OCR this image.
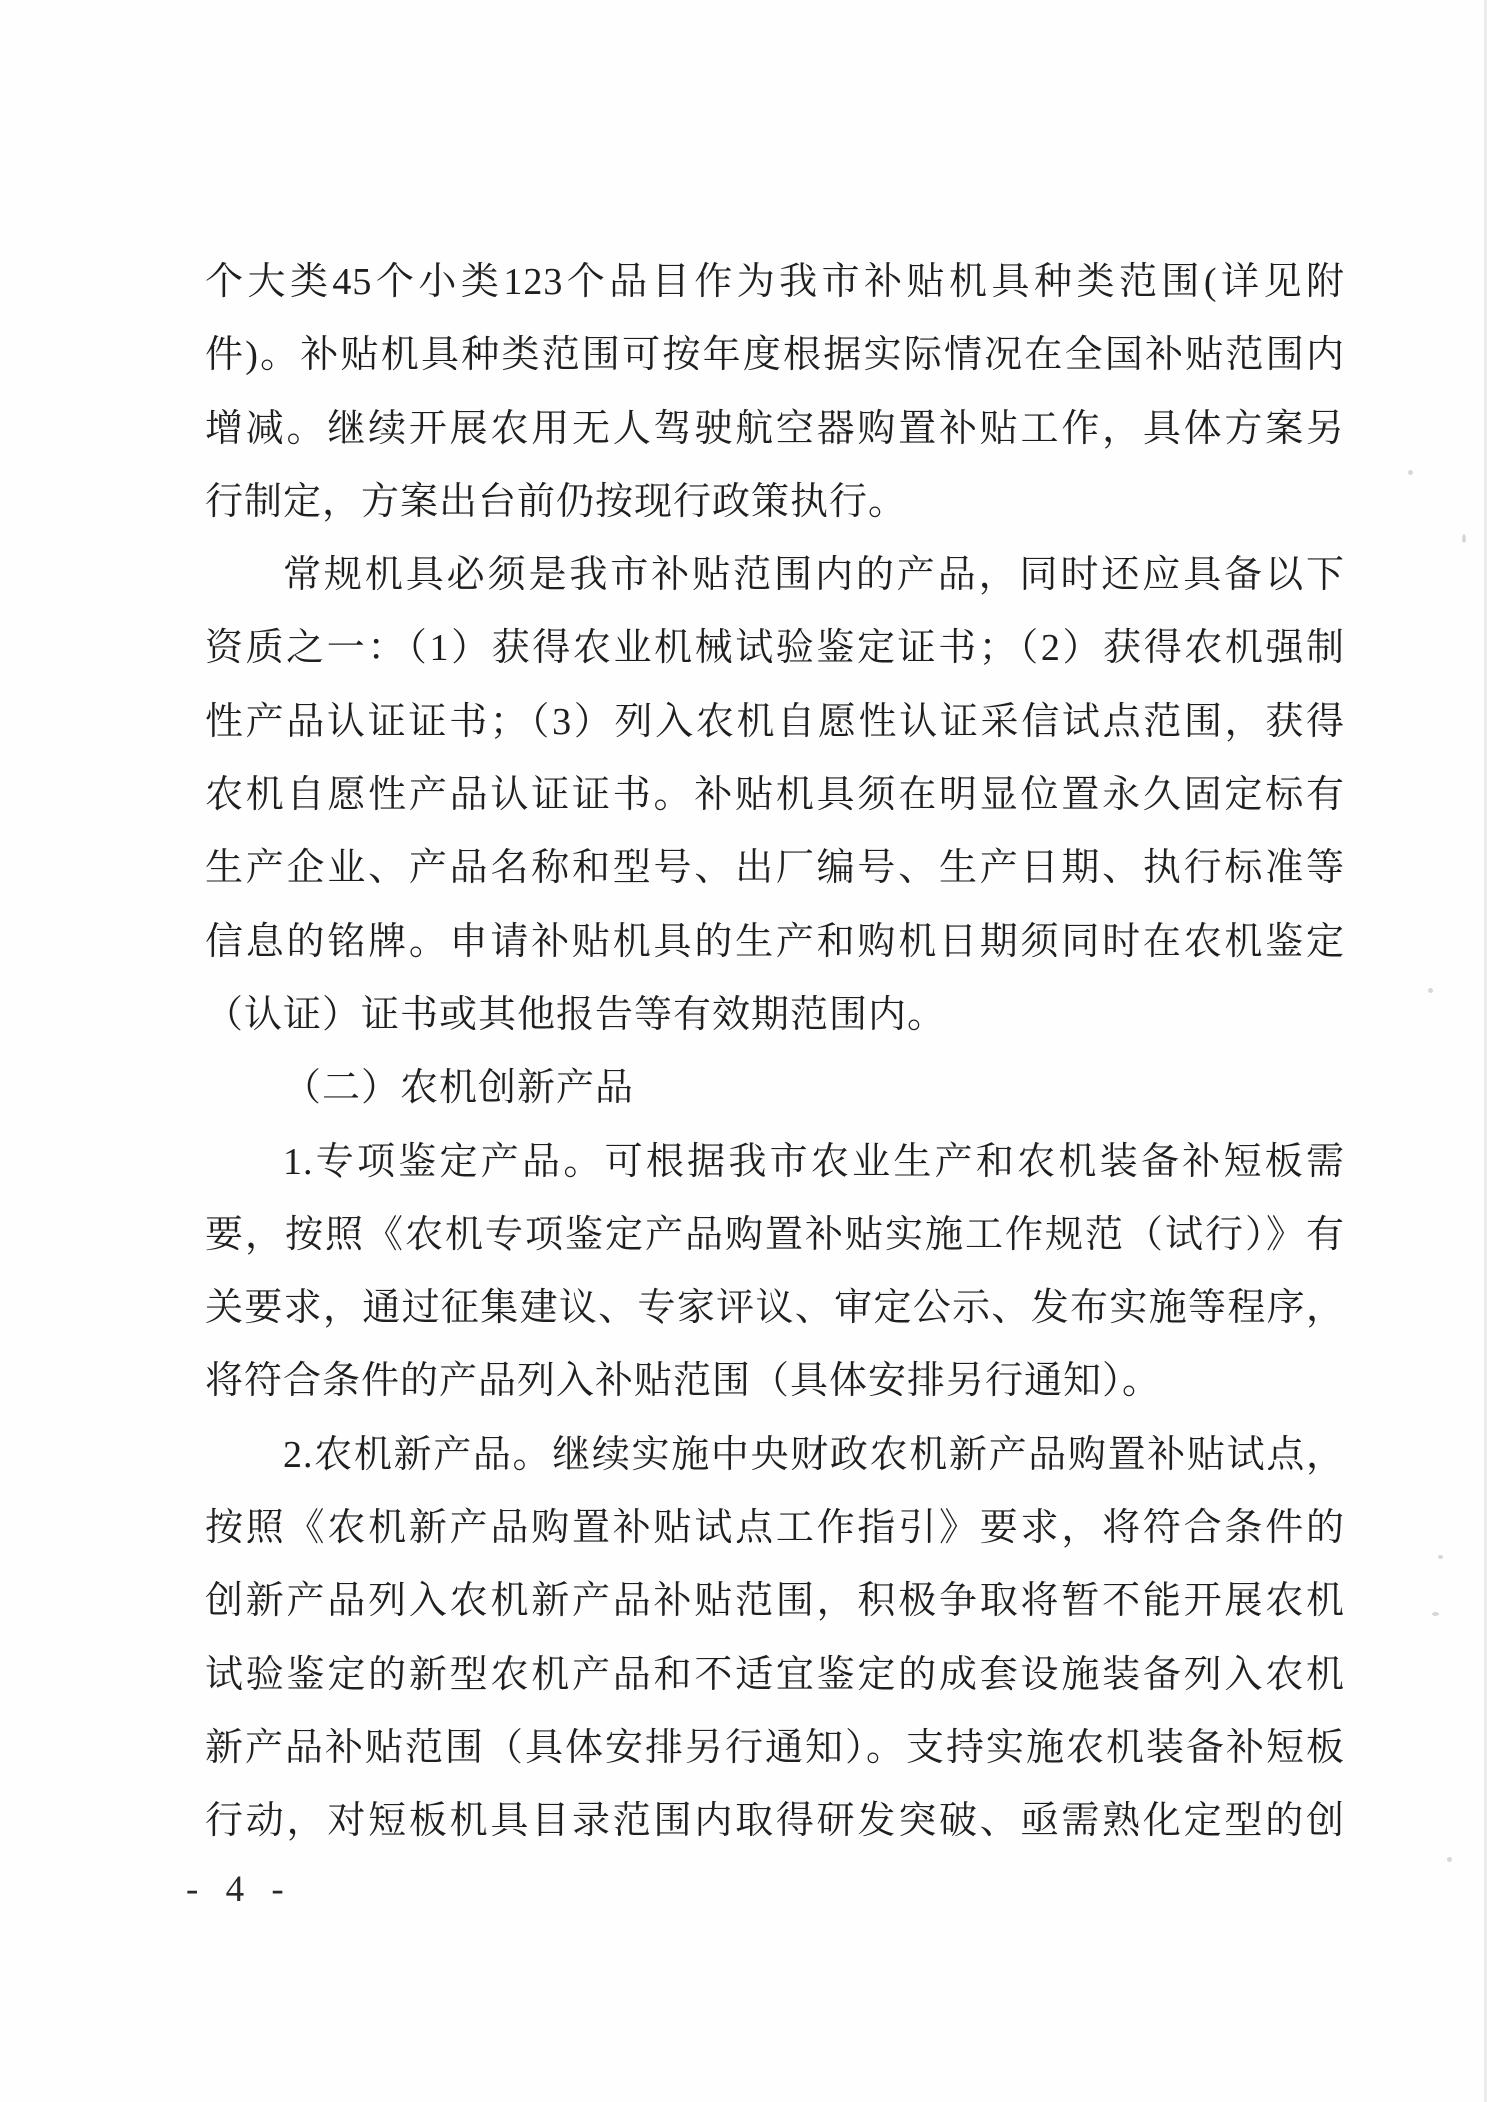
个大类45个小类123个品目作为我市补贴机具种类范围(详见附
件)。补贴机具种类范围可按年度根据实际情况在全国补贴范围内
增减。继续开展农用无人驾驶航空器购置补贴工作，具体方案另
行制定，方案出台前仍按现行政策执行。
常规机具必须是我市补贴范围内的产品，同时还应具备以下
资质之一：（1）获得农业机械试验鉴定证书；（2）获得农机强制
性产品认证证书；（3）列入农机自愿性认证采信试点范围，获得
农机自愿性产品认证证书。补贴机具须在明显位置永久固定标有
生产企业、产品名称和型号、出厂编号、生产日期、执行标准等
信息的铭牌。申请补贴机具的生产和购机日期须同时在农机鉴定
（认证）证书或其他报告等有效期范围内。
（二）农机创新产品
1.专项鉴定产品。可根据我市农业生产和农机装备补短板需
要，按照《农机专项鉴定产品购置补贴实施工作规范（试行）》有
关要求，通过征集建议、专家评议、审定公示、发布实施等程序，
将符合条件的产品列入补贴范围（具体安排另行通知）。
2.农机新产品。继续实施中央财政农机新产品购置补贴试点，
按照《农机新产品购置补贴试点工作指引》要求，将符合条件的
创新产品列入农机新产品补贴范围，积极争取将暂不能开展农机
试验鉴定的新型农机产品和不适宜鉴定的成套设施装备列入农机
新产品补贴范围（具体安排另行通知）。支持实施农机装备补短板
行动，对短板机具目录范围内取得研发突破、亟需熟化定型的创
- 4 -
